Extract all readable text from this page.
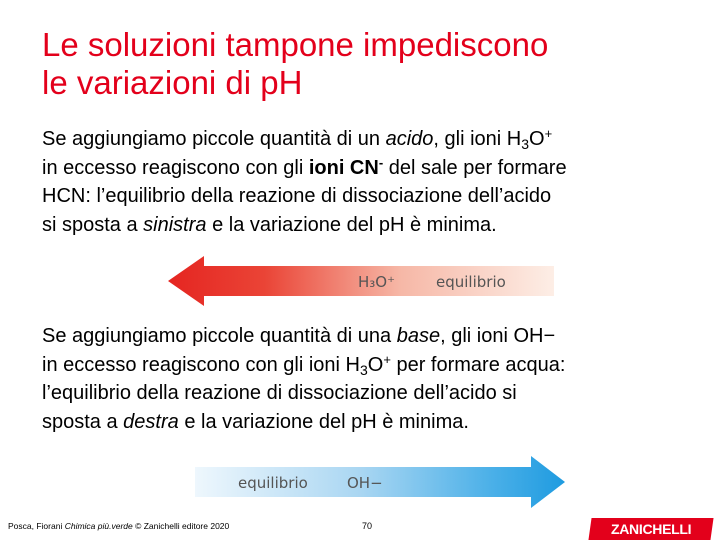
Le soluzioni tampone impediscono
le variazioni di pH

Se aggiungiamo piccole quantità di un acido, gli ioni $H_3O^+$
in eccesso reagiscono con gli ioni CN- del sale per formare
HCN: l’equilibrio della reazione di dissociazione dell’acido
si sposta a sinistra e la variazione del pH è minima.

H₃O⁺	equilibrio

Se aggiungiamo piccole quantità di una base, gli ioni OH−
in eccesso reagiscono con gli ioni $H_3O^+$ per formare acqua:
l’equilibrio della reazione di dissociazione dell’acido si
sposta a destra e la variazione del pH è minima.

equilibrio	OH−
Posca, Fiorani Chimica più.verde © Zanichelli editore 2020	70	ZANICHELLI
